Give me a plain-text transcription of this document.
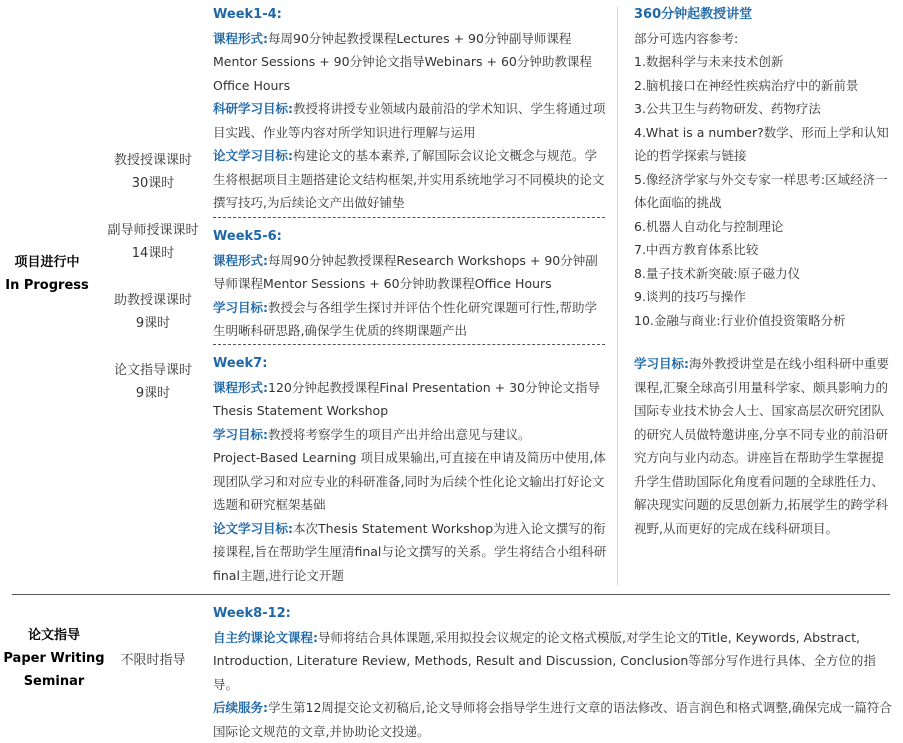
项目进行中
In Progress
教授授课课时
30课时
副导师授课课时
14课时
助教授课课时
9课时
论文指导课时
9课时

Week1-4:

课程形式:每周90分钟起教授课程Lectures + 90分钟副导师课程Mentor Sessions + 90分钟论文指导Webinars + 60分钟助教课程Office Hours

科研学习目标:教授将讲授专业领域内最前沿的学术知识、学生将通过项目实践、作业等内容对所学知识进行理解与运用

论文学习目标:构建论文的基本素养,了解国际会议论文概念与规范。学生将根据项目主题搭建论文结构框架,并实用系统地学习不同模块的论文撰写技巧,为后续论文产出做好铺垫

Week5-6:

课程形式:每周90分钟起教授课程Research Workshops + 90分钟副导师课程Mentor Sessions + 60分钟助教课程Office Hours

学习目标:教授会与各组学生探讨并评估个性化研究课题可行性,帮助学生明晰科研思路,确保学生优质的终期课题产出

Week7:

课程形式:120分钟起教授课程Final Presentation + 30分钟论文指导Thesis Statement Workshop

学习目标:教授将考察学生的项目产出并给出意见与建议。

Project-Based Learning 项目成果输出,可直接在申请及简历中使用,体现团队学习和对应专业的科研准备,同时为后续个性化论文输出打好论文选题和研究框架基础

论文学习目标:本次Thesis Statement Workshop为进入论文撰写的衔接课程,旨在帮助学生厘清final与论文撰写的关系。学生将结合小组科研final主题,进行论文开题

360分钟起教授讲堂

部分可选内容参考:

1.数据科学与未来技术创新

2.脑机接口在神经性疾病治疗中的新前景

3.公共卫生与药物研发、药物疗法

4.What is a number?数学、形而上学和认知论的哲学探索与链接

5.像经济学家与外交专家一样思考:区域经济一体化面临的挑战

6.机器人自动化与控制理论

7.中西方教育体系比较

8.量子技术新突破:原子磁力仪

9.谈判的技巧与操作

10.金融与商业:行业价值投资策略分析

学习目标:海外教授讲堂是在线小组科研中重要课程,汇聚全球高引用量科学家、颇具影响力的国际专业技术协会人士、国家高层次研究团队的研究人员做特邀讲座,分享不同专业的前沿研究方向与业内动态。讲座旨在帮助学生掌握提升学生借助国际化角度看问题的全球胜任力、解决现实问题的反思创新力,拓展学生的跨学科视野,从而更好的完成在线科研项目。

论文指导
Paper Writing
Seminar
不限时指导

Week8-12:

自主约课论文课程:导师将结合具体课题,采用拟投会议规定的论文格式模版,对学生论文的Title, Keywords, Abstract, Introduction, Literature Review, Methods, Result and Discussion, Conclusion等部分写作进行具体、全方位的指导。

后续服务:学生第12周提交论文初稿后,论文导师将会指导学生进行文章的语法修改、语言润色和格式调整,确保完成一篇符合国际论文规范的文章,并协助论文投递。
